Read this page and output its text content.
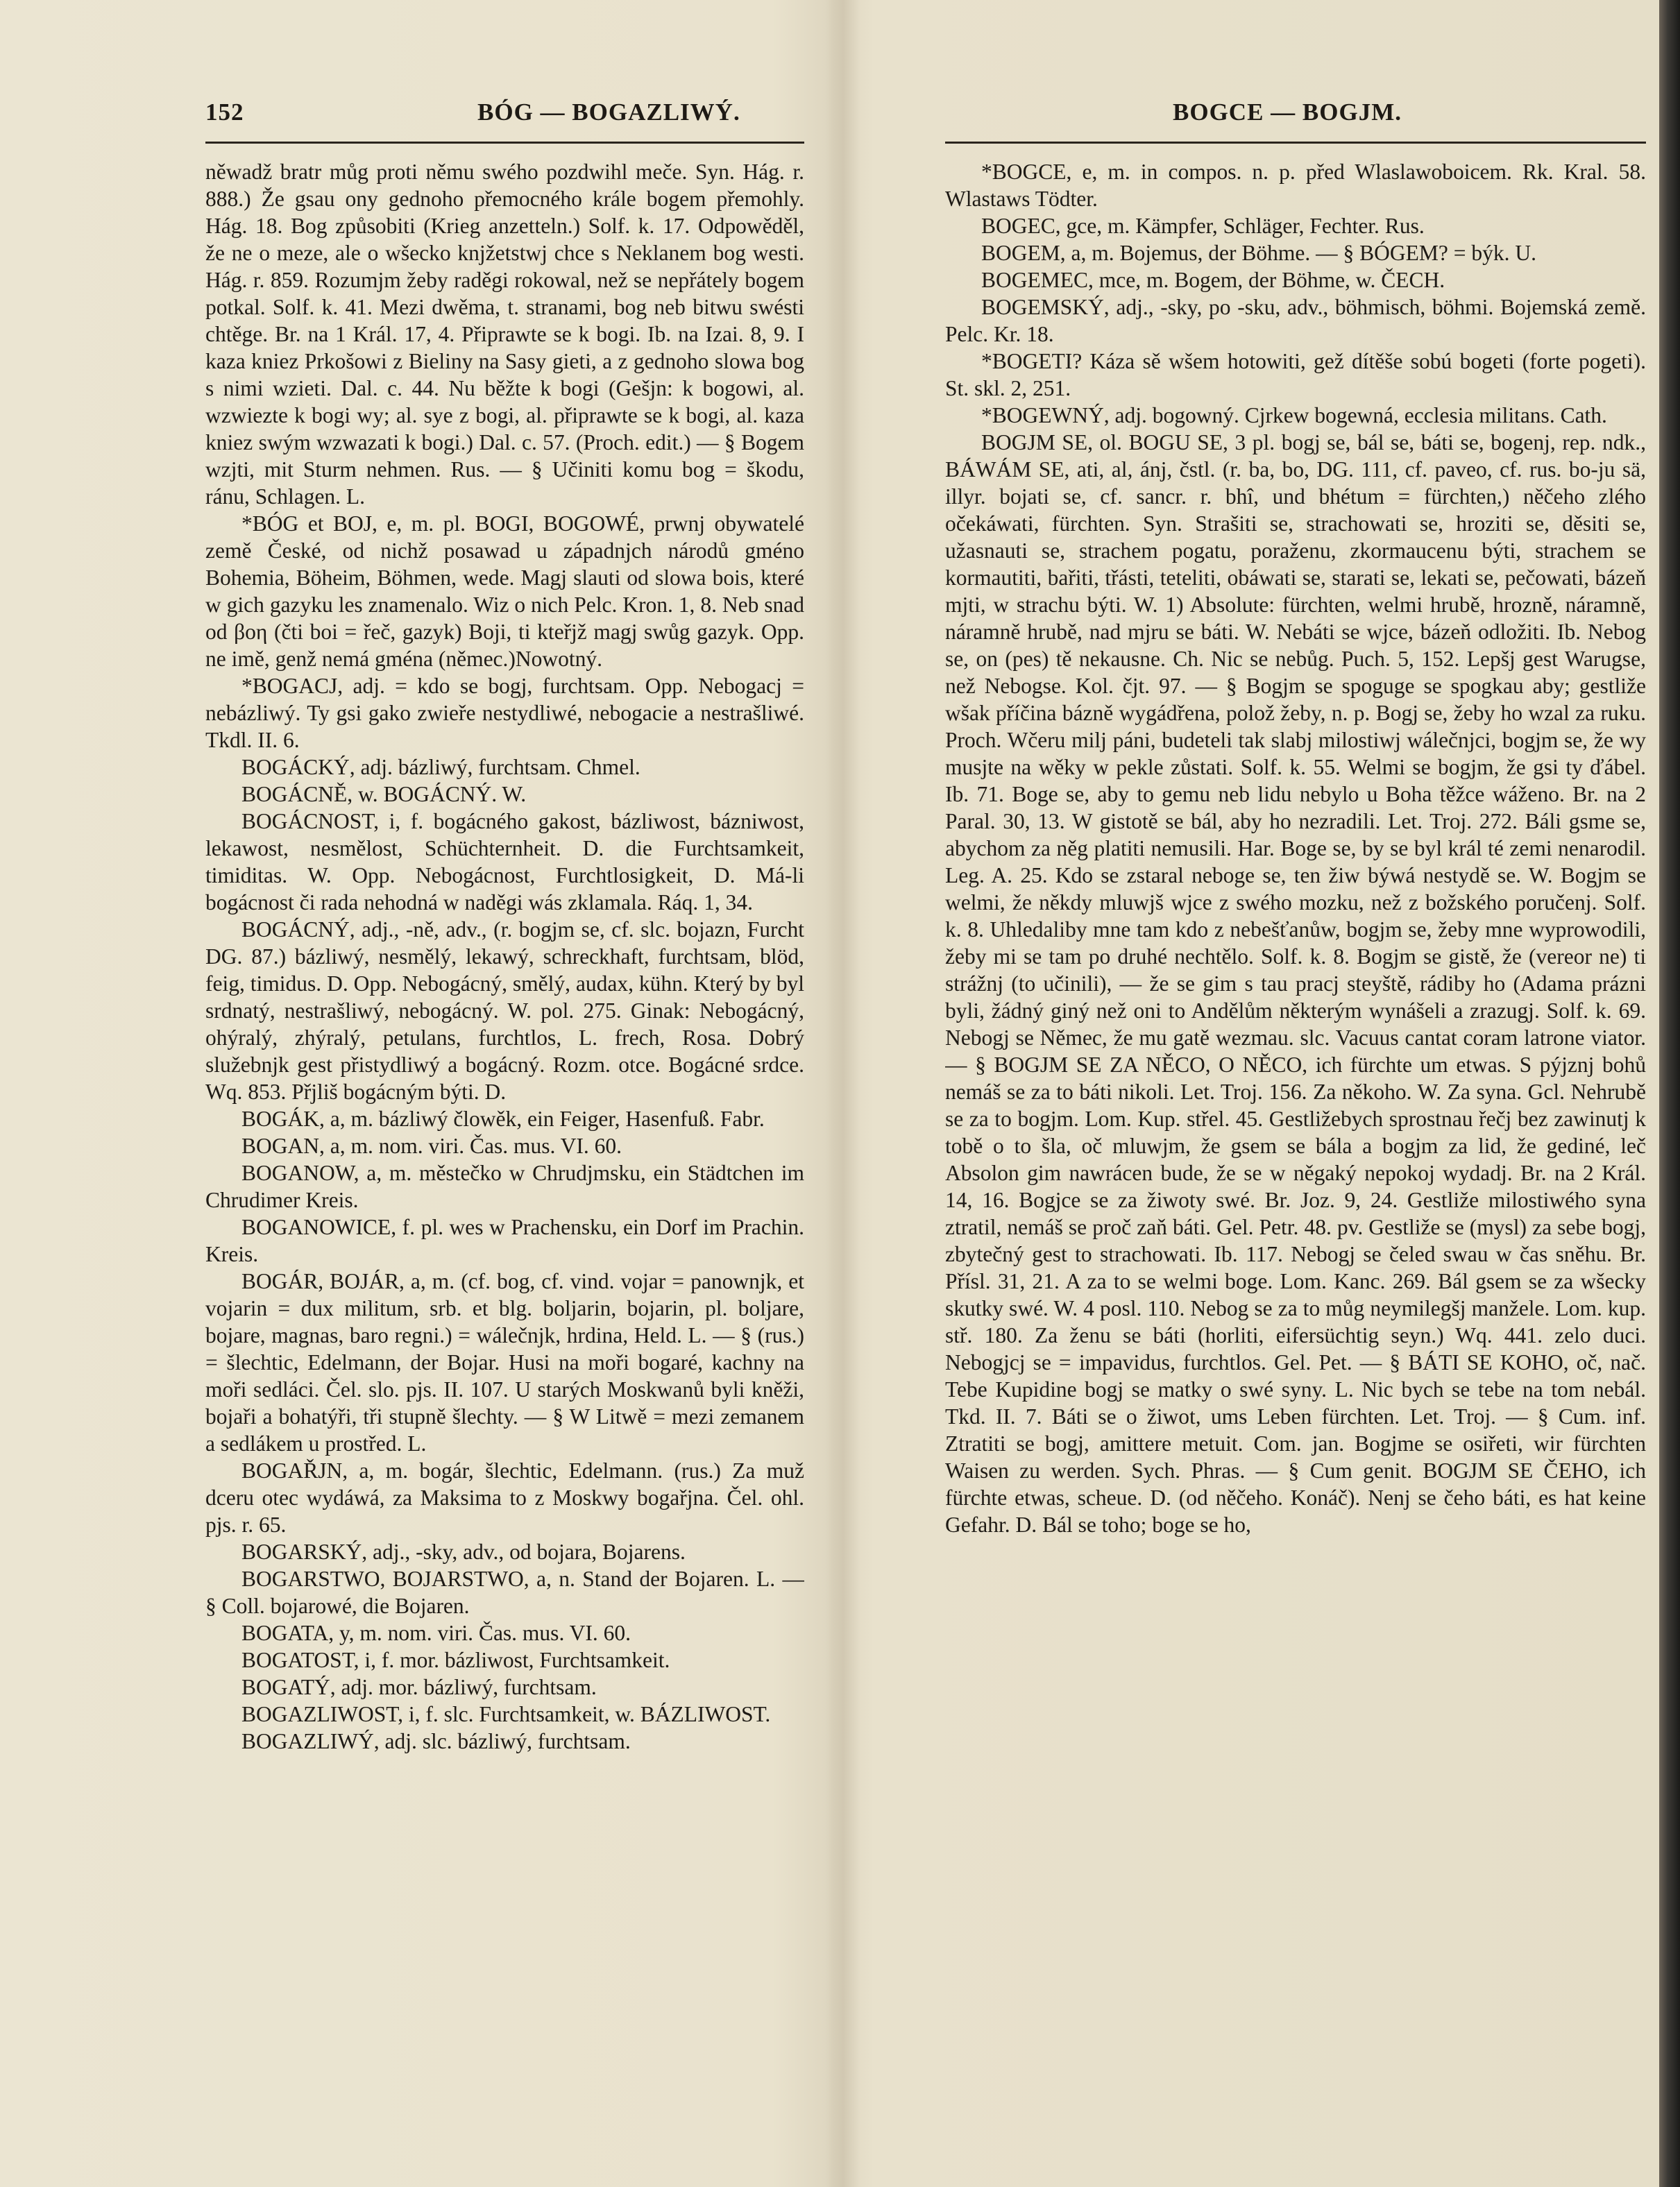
152	BÓG — BOGAZLIWÝ.	BOGCE — BOGJM.

něwadž bratr můg proti němu swého pozdwihl meče. Syn. Hág. r. 888.) Že gsau ony gednoho přemocného krále bogem přemohly. Hág. 18. Bog způsobiti (Krieg anzetteln.) Solf. k. 17. Odpowěděl, že ne o meze, ale o wšecko knjžetstwj chce s Neklanem bog westi. Hág. r. 859. Rozumjm žeby raděgi rokowal, než se nepřátely bogem potkal. Solf. k. 41. Mezi dwěma, t. stranami, bog neb bitwu swésti chtěge. Br. na 1 Král. 17, 4. Připrawte se k bogi. Ib. na Izai. 8, 9. I kaza kniez Prkošowi z Bieliny na Sasy gieti, a z gednoho slowa bog s nimi wzieti. Dal. c. 44. Nu běžte k bogi (Gešjn: k bogowi, al. wzwiezte k bogi wy; al. sye z bogi, al. připrawte se k bogi, al. kaza kniez swým wzwazati k bogi.) Dal. c. 57. (Proch. edit.) — § Bogem wzjti, mit Sturm nehmen. Rus. — § Učiniti komu bog = škodu, ránu, Schlagen. L.

*BÓG et BOJ, e, m. pl. BOGI, BOGOWÉ, prwnj obywatelé země České, od nichž posawad u západnjch národů gméno Bohemia, Böheim, Böhmen, wede. Magj slauti od slowa bois, které w gich gazyku les znamenalo. Wiz o nich Pelc. Kron. 1, 8. Neb snad od βoη (čti boi = řeč, gazyk) Boji, ti kteřjž magj swůg gazyk. Opp. ne imě, genž nemá gména (němec.)Nowotný.

*BOGACJ, adj. = kdo se bogj, furchtsam. Opp. Nebogacj = nebázliwý. Ty gsi gako zwieře nestydliwé, nebogacie a nestrašliwé. Tkdl. II. 6.

BOGÁCKÝ, adj. bázliwý, furchtsam. Chmel.

BOGÁCNĚ, w. BOGÁCNÝ. W.

BOGÁCNOST, i, f. bogácného gakost, bázliwost, bázniwost, lekawost, nesmělost, Schüchternheit. D. die Furchtsamkeit, timiditas. W. Opp. Nebogácnost, Furchtlosigkeit, D. Má-li bogácnost či rada nehodná w naděgi wás zklamala. Ráq. 1, 34.

BOGÁCNÝ, adj., -ně, adv., (r. bogjm se, cf. slc. bojazn, Furcht DG. 87.) bázliwý, nesmělý, lekawý, schreckhaft, furchtsam, blöd, feig, timidus. D. Opp. Nebogácný, smělý, audax, kühn. Který by byl srdnatý, nestrašliwý, nebogácný. W. pol. 275. Ginak: Nebogácný, ohýralý, zhýralý, petulans, furchtlos, L. frech, Rosa. Dobrý služebnjk gest přistydliwý a bogácný. Rozm. otce. Bogácné srdce. Wq. 853. Přjliš bogácným býti. D.

BOGÁK, a, m. bázliwý člowěk, ein Feiger, Hasenfuß. Fabr.

BOGAN, a, m. nom. viri. Čas. mus. VI. 60.

BOGANOW, a, m. městečko w Chrudjmsku, ein Städtchen im Chrudimer Kreis.

BOGANOWICE, f. pl. wes w Prachensku, ein Dorf im Prachin. Kreis.

BOGÁR, BOJÁR, a, m. (cf. bog, cf. vind. vojar = panownjk, et vojarin = dux militum, srb. et blg. boljarin, bojarin, pl. boljare, bojare, magnas, baro regni.) = wálečnjk, hrdina, Held. L. — § (rus.) = šlechtic, Edelmann, der Bojar. Husi na moři bogaré, kachny na moři sedláci. Čel. slo. pjs. II. 107. U starých Moskwanů byli kněži, bojaři a bohatýři, tři stupně šlechty. — § W Litwě = mezi zemanem a sedlákem u prostřed. L.

BOGAŘJN, a, m. bogár, šlechtic, Edelmann. (rus.) Za muž dceru otec wydáwá, za Maksima to z Moskwy bogařjna. Čel. ohl. pjs. r. 65.

BOGARSKÝ, adj., -sky, adv., od bojara, Bojarens.

BOGARSTWO, BOJARSTWO, a, n. Stand der Bojaren. L. — § Coll. bojarowé, die Bojaren.

BOGATA, y, m. nom. viri. Čas. mus. VI. 60.

BOGATOST, i, f. mor. bázliwost, Furchtsamkeit.

BOGATÝ, adj. mor. bázliwý, furchtsam.

BOGAZLIWOST, i, f. slc. Furchtsamkeit, w. BÁZLIWOST.

BOGAZLIWÝ, adj. slc. bázliwý, furchtsam.

*BOGCE, e, m. in compos. n. p. před Wlaslawoboicem. Rk. Kral. 58. Wlastaws Tödter.

BOGEC, gce, m. Kämpfer, Schläger, Fechter. Rus.

BOGEM, a, m. Bojemus, der Böhme. — § BÓGEM? = býk. U.

BOGEMEC, mce, m. Bogem, der Böhme, w. ČECH.

BOGEMSKÝ, adj., -sky, po -sku, adv., böhmisch, böhmi. Bojemská země. Pelc. Kr. 18.

*BOGETI? Káza sě wšem hotowiti, gež dítěše sobú bogeti (forte pogeti). St. skl. 2, 251.

*BOGEWNÝ, adj. bogowný. Cjrkew bogewná, ecclesia militans. Cath.

BOGJM SE, ol. BOGU SE, 3 pl. bogj se, bál se, báti se, bogenj, rep. ndk., BÁWÁM SE, ati, al, ánj, čstl. (r. ba, bo, DG. 111, cf. paveo, cf. rus. bo-ju sä, illyr. bojati se, cf. sancr. r. bhî, und bhétum = fürchten,) něčeho zlého očekáwati, fürchten. Syn. Strašiti se, strachowati se, hroziti se, děsiti se, užasnauti se, strachem pogatu, poraženu, zkormaucenu býti, strachem se kormautiti, bařiti, třásti, teteliti, obáwati se, starati se, lekati se, pečowati, bázeň mjti, w strachu býti. W. 1) Absolute: fürchten, welmi hrubě, hrozně, náramně, náramně hrubě, nad mjru se báti. W. Nebáti se wjce, bázeň odložiti. Ib. Nebog se, on (pes) tě nekausne. Ch. Nic se nebůg. Puch. 5, 152. Lepšj gest Warugse, než Nebogse. Kol. čjt. 97. — § Bogjm se spoguge se spogkau aby; gestliže wšak příčina bázně wygádřena, polož žeby, n. p. Bogj se, žeby ho wzal za ruku. Proch. Wčeru milj páni, budeteli tak slabj milostiwj wálečnjci, bogjm se, že wy musjte na wěky w pekle zůstati. Solf. k. 55. Welmi se bogjm, že gsi ty ďábel. Ib. 71. Boge se, aby to gemu neb lidu nebylo u Boha těžce wáženo. Br. na 2 Paral. 30, 13. W gistotě se bál, aby ho nezradili. Let. Troj. 272. Báli gsme se, abychom za něg platiti nemusili. Har. Boge se, by se byl král té zemi nenarodil. Leg. A. 25. Kdo se zstaral neboge se, ten žiw býwá nestydě se. W. Bogjm se welmi, že někdy mluwjš wjce z swého mozku, než z božského poručenj. Solf. k. 8. Uhledaliby mne tam kdo z nebešťanůw, bogjm se, žeby mne wyprowodili, žeby mi se tam po druhé nechtělo. Solf. k. 8. Bogjm se gistě, že (vereor ne) ti strážnj (to učinili), — že se gim s tau pracj steyště, rádiby ho (Adama prázni byli, žádný giný než oni to Andělům některým wynášeli a zrazugj. Solf. k. 69. Nebogj se Němec, že mu gatě wezmau. slc. Vacuus cantat coram latrone viator. — § BOGJM SE ZA NĚCO, O NĚCO, ich fürchte um etwas. S pýjznj bohů nemáš se za to báti nikoli. Let. Troj. 156. Za někoho. W. Za syna. Gcl. Nehrubě se za to bogjm. Lom. Kup. střel. 45. Gestližebych sprostnau řečj bez zawinutj k tobě o to šla, oč mluwjm, že gsem se bála a bogjm za lid, že gediné, leč Absolon gim nawrácen bude, že se w něgaký nepokoj wydadj. Br. na 2 Král. 14, 16. Bogjce se za žiwoty swé. Br. Joz. 9, 24. Gestliže milostiwého syna ztratil, nemáš se proč zaň báti. Gel. Petr. 48. pv. Gestliže se (mysl) za sebe bogj, zbytečný gest to strachowati. Ib. 117. Nebogj se čeled swau w čas sněhu. Br. Přísl. 31, 21. A za to se welmi boge. Lom. Kanc. 269. Bál gsem se za wšecky skutky swé. W. 4 posl. 110. Nebog se za to můg neymilegšj manžele. Lom. kup. stř. 180. Za ženu se báti (horliti, eifersüchtig seyn.) Wq. 441. zelo duci. Nebogjcj se = impavidus, furchtlos. Gel. Pet. — § BÁTI SE KOHO, oč, nač. Tebe Kupidine bogj se matky o swé syny. L. Nic bych se tebe na tom nebál. Tkd. II. 7. Báti se o žiwot, ums Leben fürchten. Let. Troj. — § Cum. inf. Ztratiti se bogj, amittere metuit. Com. jan. Bogjme se osiřeti, wir fürchten Waisen zu werden. Sych. Phras. — § Cum genit. BOGJM SE ČEHO, ich fürchte etwas, scheue. D. (od něčeho. Konáč). Nenj se čeho báti, es hat keine Gefahr. D. Bál se toho; boge se ho,
